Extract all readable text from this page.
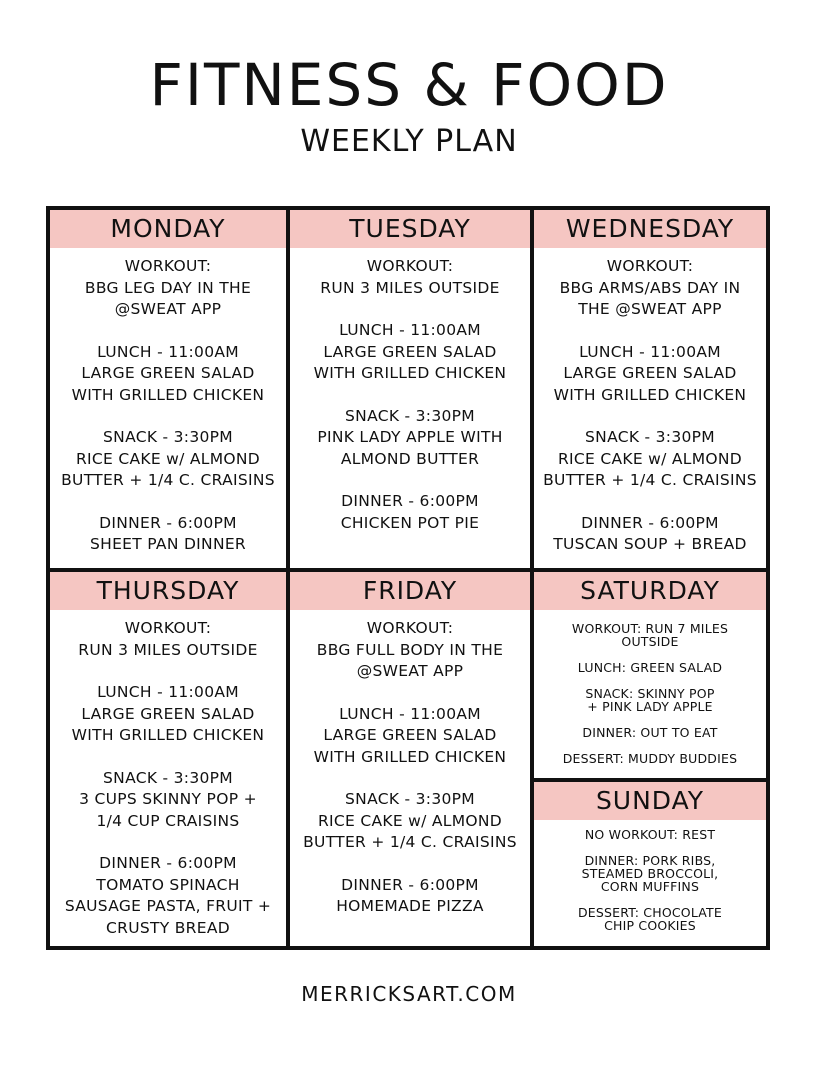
FITNESS & FOOD
WEEKLY PLAN
MONDAY
WORKOUT:
BBG LEG DAY IN THE
@SWEAT APP
LUNCH - 11:00AM
LARGE GREEN SALAD
WITH GRILLED CHICKEN
SNACK - 3:30PM
RICE CAKE w/ ALMOND
BUTTER + 1/4 C. CRAISINS
DINNER - 6:00PM
SHEET PAN DINNER
TUESDAY
WORKOUT:
RUN 3 MILES OUTSIDE
LUNCH - 11:00AM
LARGE GREEN SALAD
WITH GRILLED CHICKEN
SNACK - 3:30PM
PINK LADY APPLE WITH
ALMOND BUTTER
DINNER - 6:00PM
CHICKEN POT PIE
WEDNESDAY
WORKOUT:
BBG ARMS/ABS DAY IN
THE @SWEAT APP
LUNCH - 11:00AM
LARGE GREEN SALAD
WITH GRILLED CHICKEN
SNACK - 3:30PM
RICE CAKE w/ ALMOND
BUTTER + 1/4 C. CRAISINS
DINNER - 6:00PM
TUSCAN SOUP + BREAD
THURSDAY
WORKOUT:
RUN 3 MILES OUTSIDE
LUNCH - 11:00AM
LARGE GREEN SALAD
WITH GRILLED CHICKEN
SNACK - 3:30PM
3 CUPS SKINNY POP +
1/4 CUP CRAISINS
DINNER - 6:00PM
TOMATO SPINACH
SAUSAGE PASTA, FRUIT +
CRUSTY BREAD
FRIDAY
WORKOUT:
BBG FULL BODY IN THE
@SWEAT APP
LUNCH - 11:00AM
LARGE GREEN SALAD
WITH GRILLED CHICKEN
SNACK - 3:30PM
RICE CAKE w/ ALMOND
BUTTER + 1/4 C. CRAISINS
DINNER - 6:00PM
HOMEMADE PIZZA
SATURDAY
WORKOUT: RUN 7 MILES
OUTSIDE
LUNCH: GREEN SALAD
SNACK: SKINNY POP
+ PINK LADY APPLE
DINNER: OUT TO EAT
DESSERT: MUDDY BUDDIES
SUNDAY
NO WORKOUT: REST
DINNER: PORK RIBS,
STEAMED BROCCOLI,
CORN MUFFINS
DESSERT: CHOCOLATE
CHIP COOKIES
MERRICKSART.COM
